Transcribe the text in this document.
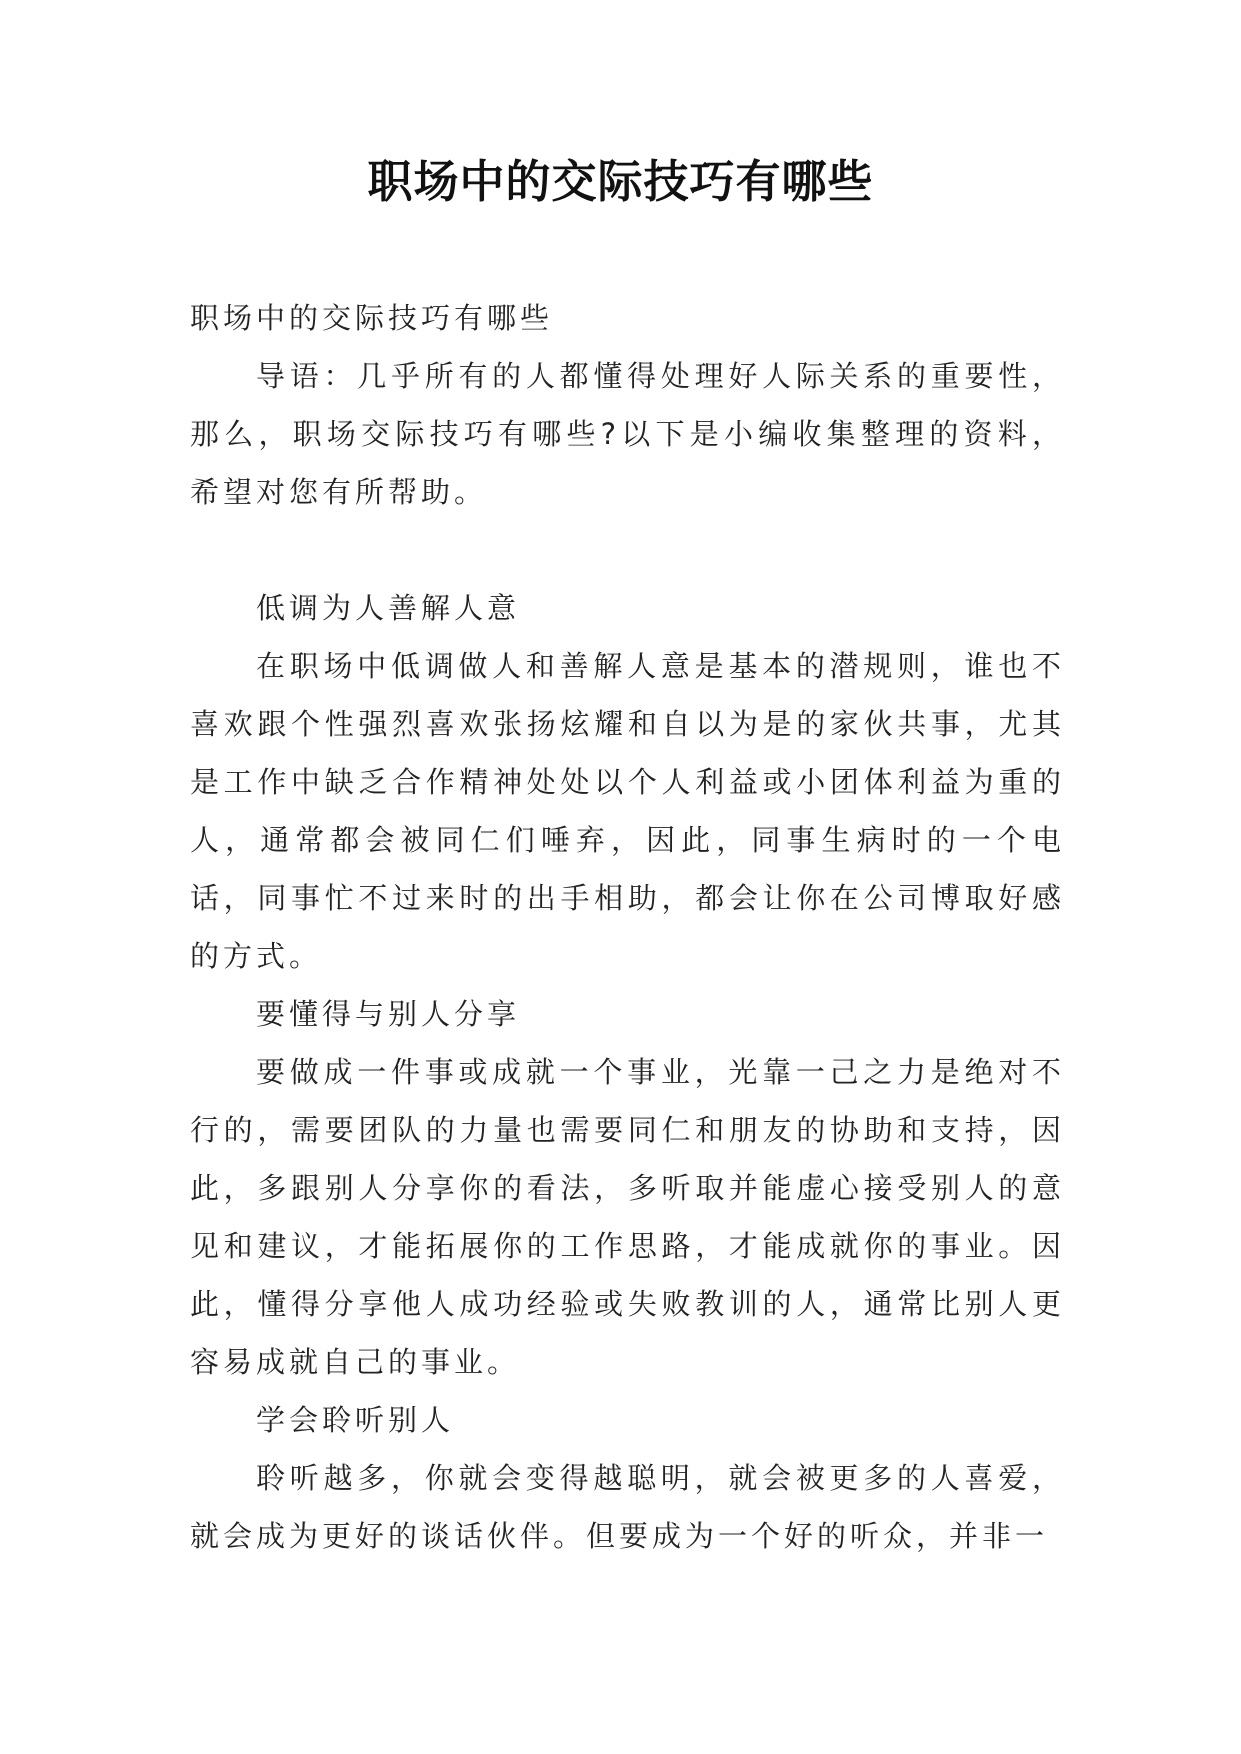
职场中的交际技巧有哪些

职场中的交际技巧有哪些

导语：几乎所有的人都懂得处理好人际关系的重要性，那么，职场交际技巧有哪些?以下是小编收集整理的资料，希望对您有所帮助。

低调为人善解人意

在职场中低调做人和善解人意是基本的潜规则，谁也不喜欢跟个性强烈喜欢张扬炫耀和自以为是的家伙共事，尤其是工作中缺乏合作精神处处以个人利益或小团体利益为重的人，通常都会被同仁们唾弃，因此，同事生病时的一个电话，同事忙不过来时的出手相助，都会让你在公司博取好感的方式。

要懂得与别人分享

要做成一件事或成就一个事业，光靠一己之力是绝对不行的，需要团队的力量也需要同仁和朋友的协助和支持，因此，多跟别人分享你的看法，多听取并能虚心接受别人的意见和建议，才能拓展你的工作思路，才能成就你的事业。因此，懂得分享他人成功经验或失败教训的人，通常比别人更容易成就自己的事业。

学会聆听别人

聆听越多，你就会变得越聪明，就会被更多的人喜爱，就会成为更好的谈话伙伴。但要成为一个好的听众，并非一
